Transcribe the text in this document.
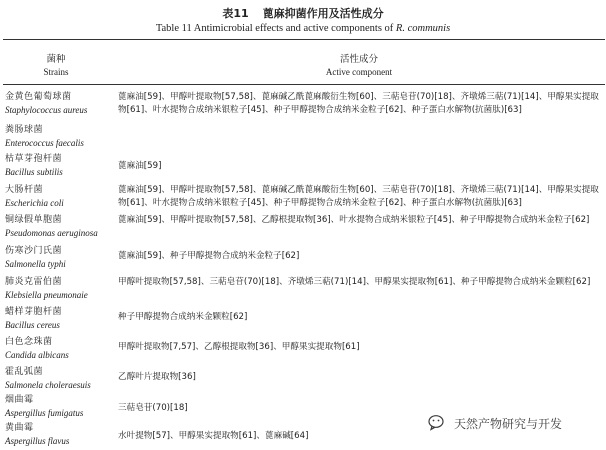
表11 蓖麻抑菌作用及活性成分
Table 11 Antimicrobial effects and active components of R. communis
菌种
Strains
活性成分
Active component
金黄色葡萄球菌
Staphylococcus aureus
蓖麻油[59]、甲醇叶提取物[57,58]、蓖麻碱乙酰蓖麻酸衍生物[60]、三萜皂苷(70)[18]、齐墩烯三萜(71)[14]、甲醇果实提取物[61]、叶水提物合成纳米银粒子[45]、种子甲醇提物合成纳米金粒子[62]、种子蛋白水解物(抗菌肽)[63]
粪肠球菌
Enterococcus faecalis
枯草芽孢杆菌
Bacillus subtilis
蓖麻油[59]
大肠杆菌
Escherichia coli
蓖麻油[59]、甲醇叶提取物[57,58]、蓖麻碱乙酰蓖麻酸衍生物[60]、三萜皂苷(70)[18]、齐墩烯三萜(71)[14]、甲醇果实提取物[61]、叶水提物合成纳米银粒子[45]、种子甲醇提物合成纳米金粒子[62]、种子蛋白水解物(抗菌肽)[63]
铜绿假单胞菌
Pseudomonas aeruginosa
蓖麻油[59]、甲醇叶提取物[57,58]、乙醇根提取物[36]、叶水提物合成纳米银粒子[45]、种子甲醇提物合成纳米金粒子[62]
伤寒沙门氏菌
Salmonella typhi
蓖麻油[59]、种子甲醇提物合成纳米金粒子[62]
肺炎克雷伯菌
Klebsiella pneumonaie
甲醇叶提取物[57,58]、三萜皂苷(70)[18]、齐墩烯三萜(71)[14]、甲醇果实提取物[61]、种子甲醇提物合成纳米金颗粒[62]
蜡样芽胞杆菌
Bacillus cereus
种子甲醇提物合成纳米金颗粒[62]
白色念珠菌
Candida albicans
甲醇叶提取物[7,57]、乙醇根提取物[36]、甲醇果实提取物[61]
霍乱弧菌
Salmonela choleraesuis
乙醇叶片提取物[36]
烟曲霉
Aspergillus fumigatus	三萜皂苷(70)[18]
黄曲霉
Aspergillus flavus	水叶提物[57]、甲醇果实提取物[61]、蓖麻碱[64]
天然产物研究与开发
